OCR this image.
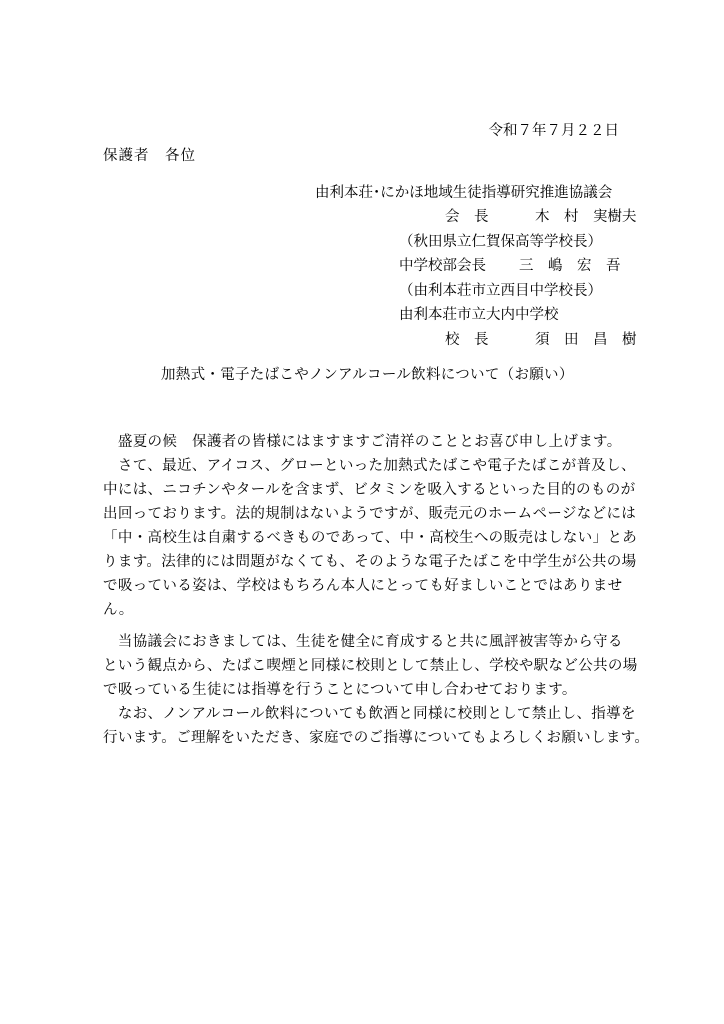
令和７年７月２２日
保護者　各位
由利本荘･にかほ地域生徒指導研究推進協議会
会　長	木　村　実樹夫
（秋田県立仁賀保高等学校長）
中学校部会長 三　嶋　宏　吾
（由利本荘市立西目中学校長）
由利本荘市立大内中学校
校　長	須　田　昌　樹
加熱式・電子たばこやノンアルコール飲料について（お願い）
　盛夏の候　保護者の皆様にはますますご清祥のこととお喜び申し上げます。
　さて、最近、アイコス、グローといった加熱式たばこや電子たばこが普及し、
中には、ニコチンやタールを含まず、ビタミンを吸入するといった目的のものが
出回っております。法的規制はないようですが、販売元のホームページなどには
「中・高校生は自粛するべきものであって、中・高校生への販売はしない」とあ
ります。法律的には問題がなくても、そのような電子たばこを中学生が公共の場
で吸っている姿は、学校はもちろん本人にとっても好ましいことではありませ
ん。
　当協議会におきましては、生徒を健全に育成すると共に風評被害等から守る
という観点から、たばこ喫煙と同様に校則として禁止し、学校や駅など公共の場
で吸っている生徒には指導を行うことについて申し合わせております。
　なお、ノンアルコール飲料についても飲酒と同様に校則として禁止し、指導を
行います。ご理解をいただき、家庭でのご指導についてもよろしくお願いします。
